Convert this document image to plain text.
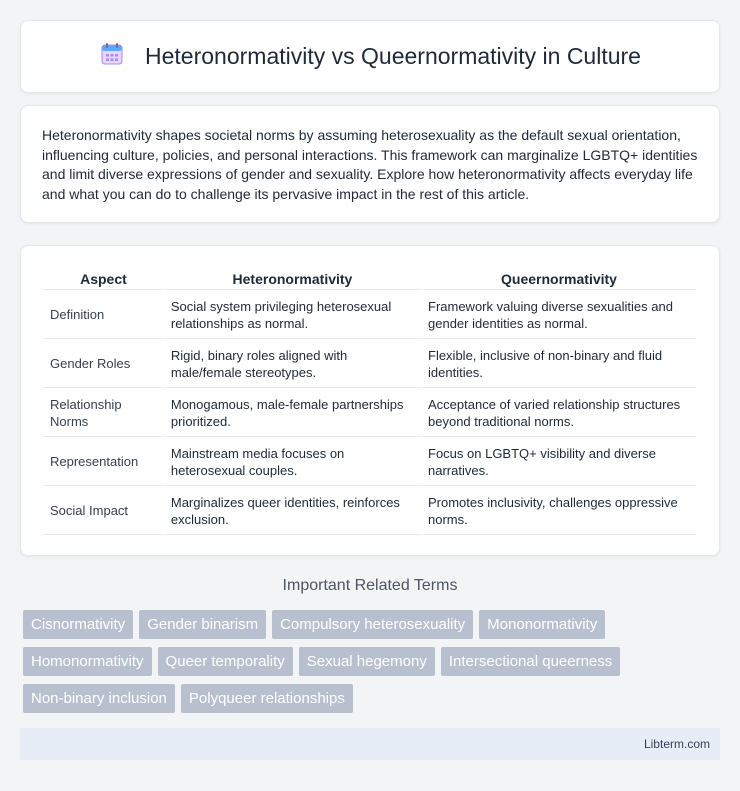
Heteronormativity vs Queernormativity in Culture

Heteronormativity shapes societal norms by assuming heterosexuality as the default sexual orientation, influencing culture, policies, and personal interactions. This framework can marginalize LGBTQ+ identities and limit diverse expressions of gender and sexuality. Explore how heteronormativity affects everyday life and what you can do to challenge its pervasive impact in the rest of this article.

Aspect	Heteronormativity	Queernormativity
Definition	Social system privileging heterosexual relationships as normal.	Framework valuing diverse sexualities and gender identities as normal.
Gender Roles	Rigid, binary roles aligned with male/female stereotypes.	Flexible, inclusive of non-binary and fluid identities.
Relationship Norms	Monogamous, male-female partnerships prioritized.	Acceptance of varied relationship structures beyond traditional norms.
Representation	Mainstream media focuses on heterosexual couples.	Focus on LGBTQ+ visibility and diverse narratives.
Social Impact	Marginalizes queer identities, reinforces exclusion.	Promotes inclusivity, challenges oppressive norms.
Important Related Terms
Cisnormativity	Gender binarism	Compulsory heterosexuality	Mononormativity
Homonormativity	Queer temporality	Sexual hegemony	Intersectional queerness
Non-binary inclusion	Polyqueer relationships
Libterm.com
